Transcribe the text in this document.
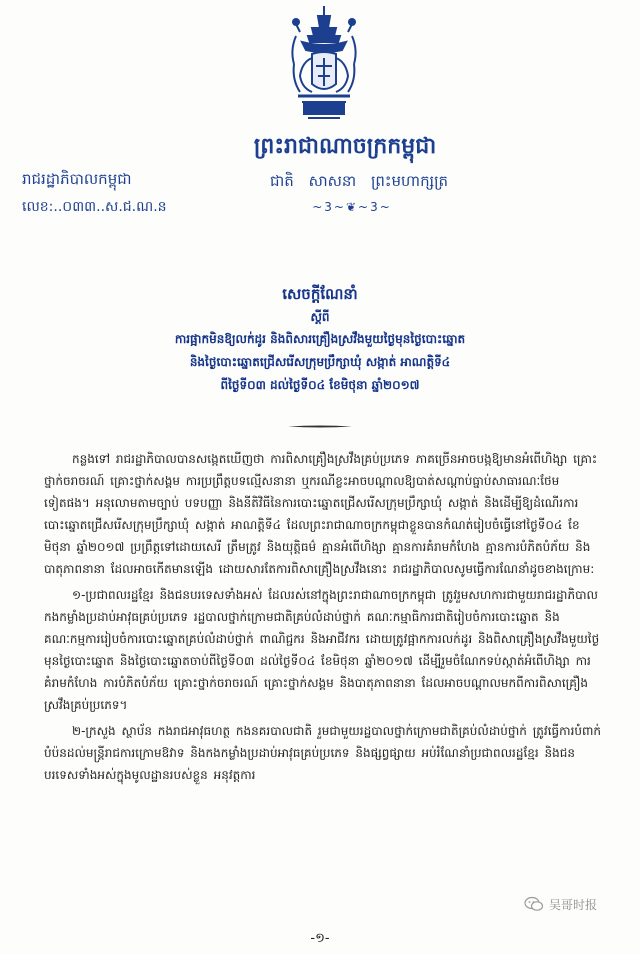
ព្រះរាជាណាចក្រកម្ពុជា
រាជរដ្ឋាភិបាលកម្ពុជា	ជាតិ សាសនា ព្រះមហាក្សត្រ
លេខ:..០៣៣..ស.ជ.ណ.ន	~3~❦~3~
សេចក្ដីណែនាំ
ស្ដីពី
ការផ្អាកមិនឱ្យលក់ដូរ និងពិសារគ្រឿងស្រវឹងមួយថ្ងៃមុនថ្ងៃបោះឆ្នោត
និងថ្ងៃបោះឆ្នោតជ្រើសរើសក្រុមប្រឹក្សាឃុំ សង្កាត់ អាណត្តិទី៤
ពីថ្ងៃទី០៣ ដល់ថ្ងៃទី០៤ ខែមិថុនា ឆ្នាំ២០១៧
កន្លងទៅ រាជរដ្ឋាភិបាលបានសង្កេតឃើញថា ការពិសាគ្រឿងស្រវឹងគ្រប់ប្រភេទ ភាគច្រើនអាចបង្កឱ្យមានអំពើហិង្សា គ្រោះថ្នាក់ចរាចរណ៍ គ្រោះថ្នាក់សង្គម ការប្រព្រឹត្តបទល្មើសនានា ឬករណីខ្លះអាចបណ្ដាលឱ្យបាត់សណ្ដាប់ធ្នាប់សាធារណៈថែមទៀតផង។ អនុលោមតាមច្បាប់ បទបញ្ញា និងនីតិវិធីនៃការបោះឆ្នោតជ្រើសរើសក្រុមប្រឹក្សាឃុំ សង្កាត់ និងដើម្បីឱ្យដំណើរការបោះឆ្នោតជ្រើសរើសក្រុមប្រឹក្សាឃុំ សង្កាត់ អាណត្តិទី៤ ដែលព្រះរាជាណាចក្រកម្ពុជាខ្លួនបានកំណត់រៀបចំធ្វើនៅថ្ងៃទី០៤ ខែមិថុនា ឆ្នាំ២០១៧ ប្រព្រឹត្តទៅដោយសេរី ត្រឹមត្រូវ និងយុត្តិធម៌ គ្មានអំពើហិង្សា គ្មានការគំរាមកំហែង គ្មានការបំភិតបំភ័យ និងបាតុភាពនានា ដែលអាចកើតមានឡើង ដោយសារតែការពិសាគ្រឿងស្រវឹងនោះ រាជរដ្ឋាភិបាលសូមធ្វើការណែនាំដូចខាងក្រោម:
១-ប្រជាពលរដ្ឋខ្មែរ និងជនបរទេសទាំងអស់ ដែលរស់នៅក្នុងព្រះរាជាណាចក្រកម្ពុជា ត្រូវរួមសហការជាមួយរាជរដ្ឋាភិបាល កងកម្លាំងប្រដាប់អាវុធគ្រប់ប្រភេទ រដ្ឋបាលថ្នាក់ក្រោមជាតិគ្រប់លំដាប់ថ្នាក់ គណៈកម្មាធិការជាតិរៀបចំការបោះឆ្នោត និងគណៈកម្មការរៀបចំការបោះឆ្នោតគ្រប់លំដាប់ថ្នាក់ ពាណិជ្ជករ និងអាជីវករ ដោយត្រូវផ្អាកការលក់ដូរ និងពិសាគ្រឿងស្រវឹងមួយថ្ងៃមុនថ្ងៃបោះឆ្នោត និងថ្ងៃបោះឆ្នោតចាប់ពីថ្ងៃទី០៣ ដល់ថ្ងៃទី០៤ ខែមិថុនា ឆ្នាំ២០១៧ ដើម្បីរួមចំណែកទប់ស្កាត់អំពើហិង្សា ការគំរាមកំហែង ការបំភិតបំភ័យ គ្រោះថ្នាក់ចរាចរណ៍ គ្រោះថ្នាក់សង្គម និងបាតុភាពនានា ដែលអាចបណ្ដាលមកពីការពិសាគ្រឿងស្រវឹងគ្រប់ប្រភេទ។
២-ក្រសួង ស្ថាប័ន កងរាជអាវុធហត្ថ កងនគរបាលជាតិ រួមជាមួយរដ្ឋបាលថ្នាក់ក្រោមជាតិគ្រប់លំដាប់ថ្នាក់ ត្រូវធ្វើការបំពាក់បំប៉នដល់មន្ត្រីរាជការក្រោមឱវាទ និងកងកម្លាំងប្រដាប់អាវុធគ្រប់ប្រភេទ និងផ្សព្វផ្សាយ អប់រំណែនាំប្រជាពលរដ្ឋខ្មែរ និងជនបរទេសទាំងអស់ក្នុងមូលដ្ឋានរបស់ខ្លួន អនុវត្តការ
吴哥时报
-១-
